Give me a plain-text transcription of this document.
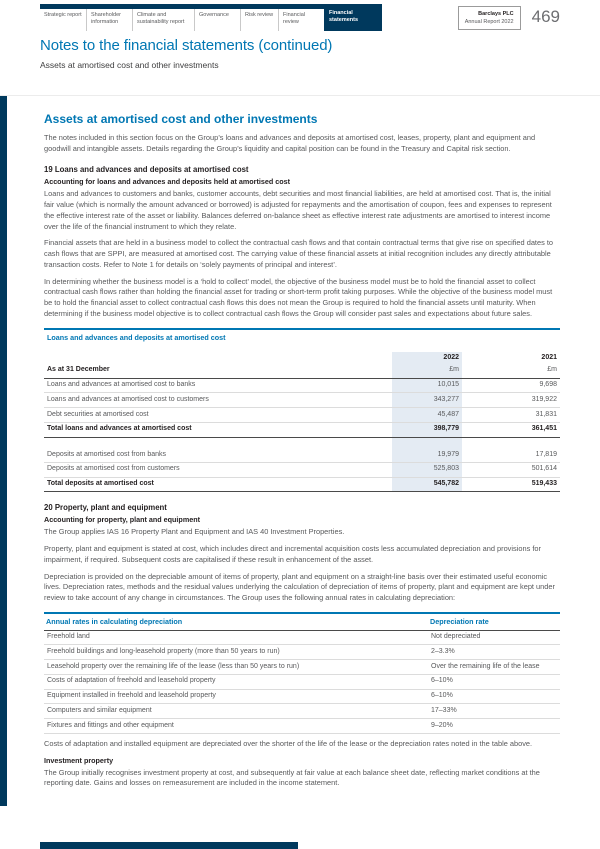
Strategic report	Shareholder information
Climate and sustainability report
Governance	Risk review	Financial review
Financial statements
Barclays PLC
Annual Report 2022 469
Notes to the financial statements (continued)
Assets at amortised cost and other investments
Assets at amortised cost and other investments

The notes included in this section focus on the Group’s loans and advances and deposits at amortised cost, leases, property, plant and equipment and goodwill and intangible assets. Details regarding the Group’s liquidity and capital position can be found in the Treasury and Capital risk section.

19 Loans and advances and deposits at amortised cost
Accounting for loans and advances and deposits held at amortised cost

Loans and advances to customers and banks, customer accounts, debt securities and most financial liabilities, are held at amortised cost. That is, the initial fair value (which is normally the amount advanced or borrowed) is adjusted for repayments and the amortisation of coupon, fees and expenses to represent the effective interest rate of the asset or liability. Balances deferred on-balance sheet as effective interest rate adjustments are amortised to interest income over the life of the financial instrument to which they relate.

Financial assets that are held in a business model to collect the contractual cash flows and that contain contractual terms that give rise on specified dates to cash flows that are SPPI, are measured at amortised cost. The carrying value of these financial assets at initial recognition includes any directly attributable transaction costs. Refer to Note 1 for details on ‘solely payments of principal and interest’.

In determining whether the business model is a ‘hold to collect’ model, the objective of the business model must be to hold the financial asset to collect contractual cash flows rather than holding the financial asset for trading or short-term profit taking purposes. While the objective of the business model must be to hold the financial asset to collect contractual cash flows this does not mean the Group is required to hold the financial assets until maturity. When determining if the business model objective is to collect contractual cash flows the Group will consider past sales and expectations about future sales.

Loans and advances and deposits at amortised cost
	2022	2021
As at 31 December	£m	£m
Loans and advances at amortised cost to banks	10,015	9,698
Loans and advances at amortised cost to customers	343,277	319,922
Debt securities at amortised cost	45,487	31,831
Total loans and advances at amortised cost	398,779	361,451

Deposits at amortised cost from banks	19,979	17,819
Deposits at amortised cost from customers	525,803	501,614
Total deposits at amortised cost	545,782	519,433
20 Property, plant and equipment
Accounting for property, plant and equipment

The Group applies IAS 16 Property Plant and Equipment and IAS 40 Investment Properties.

Property, plant and equipment is stated at cost, which includes direct and incremental acquisition costs less accumulated depreciation and provisions for impairment, if required. Subsequent costs are capitalised if these result in enhancement of the asset.

Depreciation is provided on the depreciable amount of items of property, plant and equipment on a straight-line basis over their estimated useful economic lives. Depreciation rates, methods and the residual values underlying the calculation of depreciation of items of property, plant and equipment are kept under review to take account of any change in circumstances. The Group uses the following annual rates in calculating depreciation:

Annual rates in calculating depreciation	Depreciation rate
Freehold land	Not depreciated
Freehold buildings and long-leasehold property (more than 50 years to run)	2–3.3%
Leasehold property over the remaining life of the lease (less than 50 years to run)	Over the remaining life of the lease
Costs of adaptation of freehold and leasehold property	6–10%
Equipment installed in freehold and leasehold property	6–10%
Computers and similar equipment	17–33%
Fixtures and fittings and other equipment	9–20%

Costs of adaptation and installed equipment are depreciated over the shorter of the life of the lease or the depreciation rates noted in the table above.

Investment property

The Group initially recognises investment property at cost, and subsequently at fair value at each balance sheet date, reflecting market conditions at the reporting date. Gains and losses on remeasurement are included in the income statement.
